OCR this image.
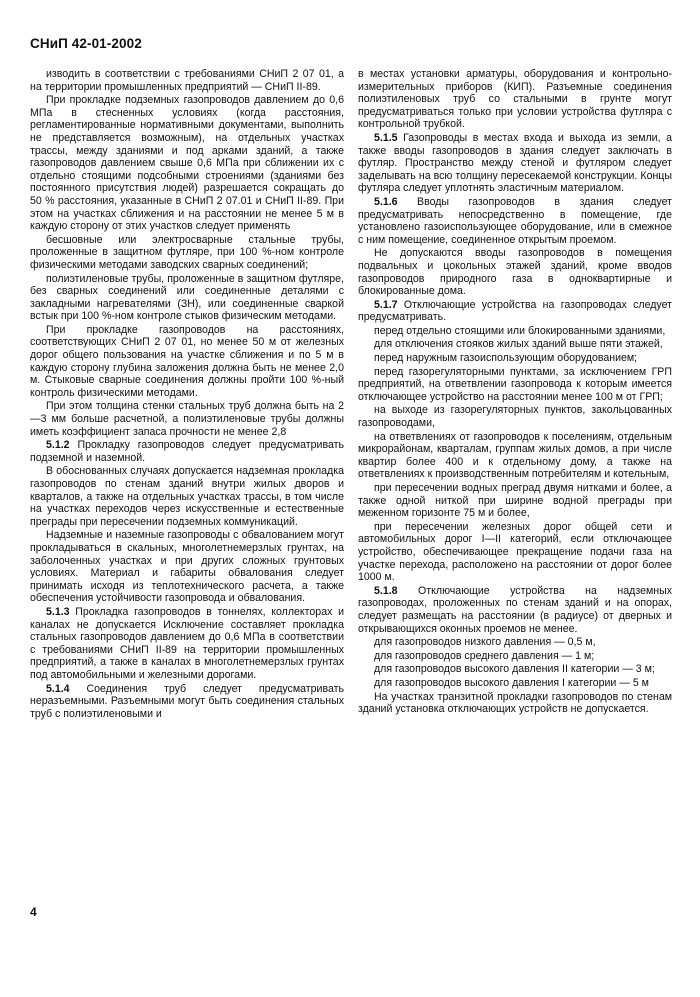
СНиП 42-01-2002

изводить в соответствии с требованиями СНиП 2 07 01, а на территории промышленных предприятий — СНиП II-89.

При прокладке подземных газопроводов давлением до 0,6 МПа в стесненных условиях (когда расстояния, регламентированные нормативными документами, выполнить не представляется возможным), на отдельных участках трассы, между зданиями и под арками зданий, а также газопроводов давлением свыше 0,6 МПа при сближении их с отдельно стоящими подсобными строениями (зданиями без постоянного присутствия людей) разрешается сокращать до 50 % расстояния, указанные в СНиП 2 07.01 и СНиП II-89. При этом на участках сближения и на расстоянии не менее 5 м в каждую сторону от этих участков следует применять

бесшовные или электросварные стальные трубы, проложенные в защитном футляре, при 100 %-ном контроле физическими методами заводских сварных соединений;

полиэтиленовые трубы, проложенные в защитном футляре, без сварных соединений или соединенные деталями с закладными нагревателями (ЗН), или соединенные сваркой встык при 100 %-ном контроле стыков физическим методами.

При прокладке газопроводов на расстояниях, соответствующих СНиП 2 07 01, но менее 50 м от железных дорог общего пользования на участке сближения и по 5 м в каждую сторону глубина заложения должна быть не менее 2,0 м. Стыковые сварные соединения должны пройти 100 %-ный контроль физическими методами.

При этом толщина стенки стальных труб должна быть на 2—3 мм больше расчетной, а полиэтиленовые трубы должны иметь коэффициент запаса прочности не менее 2,8

5.1.2 Прокладку газопроводов следует предусматривать подземной и наземной.

В обоснованных случаях допускается надземная прокладка газопроводов по стенам зданий внутри жилых дворов и кварталов, а также на отдельных участках трассы, в том числе на участках переходов через искусственные и естественные преграды при пересечении подземных коммуникаций.

Надземные и наземные газопроводы с обвалованием могут прокладываться в скальных, многолетнемерзлых грунтах, на заболоченных участках и при других сложных грунтовых условиях. Материал и габариты обвалования следует принимать исходя из теплотехнического расчета, а также обеспечения устойчивости газопровода и обвалования.

5.1.3 Прокладка газопроводов в тоннелях, коллекторах и каналах не допускается Исключение составляет прокладка стальных газопроводов давлением до 0,6 МПа в соответствии с требованиями СНиП II-89 на территории промышленных предприятий, а также в каналах в многолетнемерзлых грунтах под автомобильными и железными дорогами.

5.1.4 Соединения труб следует предусматривать неразъемными. Разъемными могут быть соединения стальных труб с полиэтиленовыми и

в местах установки арматуры, оборудования и контрольно-измерительных приборов (КИП). Разъемные соединения полиэтиленовых труб со стальными в грунте могут предусматриваться только при условии устройства футляра с контрольной трубкой.

5.1.5 Газопроводы в местах входа и выхода из земли, а также вводы газопроводов в здания следует заключать в футляр. Пространство между стеной и футляром следует заделывать на всю толщину пересекаемой конструкции. Концы футляра следует уплотнять эластичным материалом.

5.1.6 Вводы газопроводов в здания следует предусматривать непосредственно в помещение, где установлено газоиспользующее оборудование, или в смежное с ним помещение, соединенное открытым проемом.

Не допускаются вводы газопроводов в помещения подвальных и цокольных этажей зданий, кроме вводов газопроводов природного газа в одноквартирные и блокированные дома.

5.1.7 Отключающие устройства на газопроводах следует предусматривать.

перед отдельно стоящими или блокированными зданиями,

для отключения стояков жилых зданий выше пяти этажей,

перед наружным газоиспользующим оборудованием;

перед газорегуляторными пунктами, за исключением ГРП предприятий, на ответвлении газопровода к которым имеется отключающее устройство на расстоянии менее 100 м от ГРП;

на выходе из газорегуляторных пунктов, закольцованных газопроводами,

на ответвлениях от газопроводов к поселениям, отдельным микрорайонам, кварталам, группам жилых домов, а при числе квартир более 400 и к отдельному дому, а также на ответвлениях к производственным потребителям и котельным,

при пересечении водных преград двумя нитками и более, а также одной ниткой при ширине водной преграды при меженном горизонте 75 м и более,

при пересечении железных дорог общей сети и автомобильных дорог I—II категорий, если отключающее устройство, обеспечивающее прекращение подачи газа на участке перехода, расположено на расстоянии от дорог более 1000 м.

5.1.8 Отключающие устройства на надземных газопроводах, проложенных по стенам зданий и на опорах, следует размещать на расстоянии (в радиусе) от дверных и открывающихся оконных проемов не менее.

для газопроводов низкого давления — 0,5 м,

для газопроводов среднего давления — 1 м;

для газопроводов высокого давления II категории — 3 м;

для газопроводов высокого давления I категории — 5 м

На участках транзитной прокладки газопроводов по стенам зданий установка отключающих устройств не допускается.

4
